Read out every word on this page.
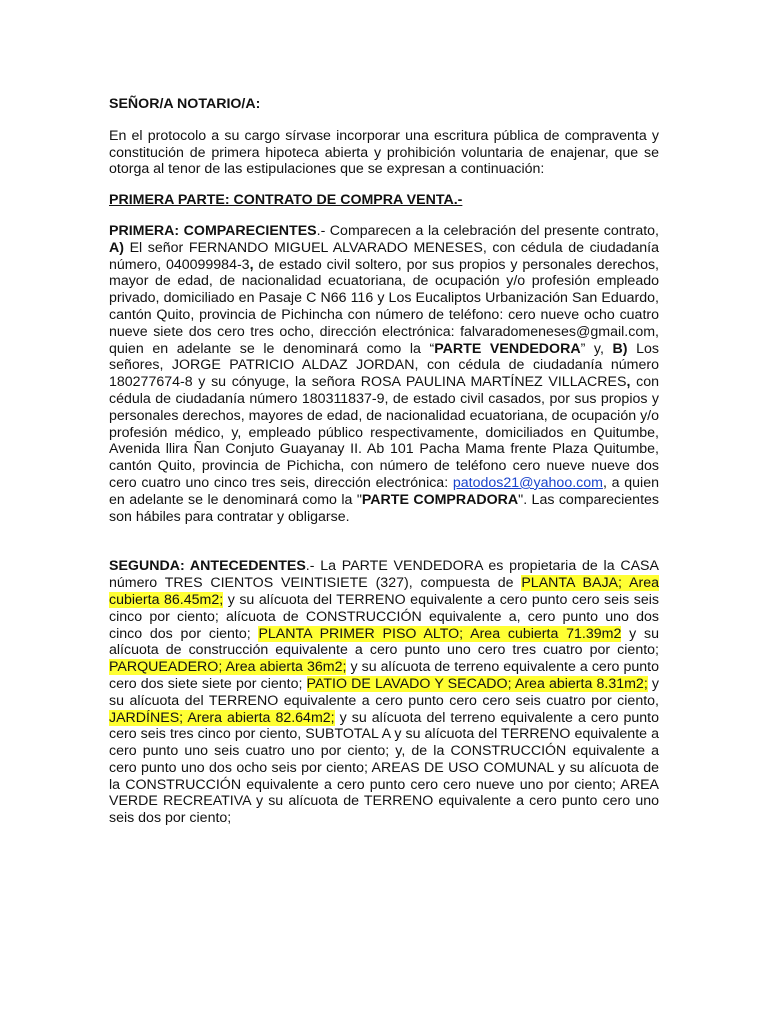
SEÑOR/A NOTARIO/A:

En el protocolo a su cargo sírvase incorporar una escritura pública de compraventa y constitución de primera hipoteca abierta y prohibición voluntaria de enajenar, que se otorga al tenor de las estipulaciones que se expresan a continuación:

PRIMERA PARTE: CONTRATO DE COMPRA VENTA.-

PRIMERA: COMPARECIENTES.- Comparecen a la celebración del presente contrato, A) El señor FERNANDO MIGUEL ALVARADO MENESES, con cédula de ciudadanía número, 040099984-3, de estado civil soltero, por sus propios y personales derechos, mayor de edad, de nacionalidad ecuatoriana, de ocupación y/o profesión empleado privado, domiciliado en Pasaje C N66 116 y Los Eucaliptos Urbanización San Eduardo, cantón Quito, provincia de Pichincha con número de teléfono: cero nueve ocho cuatro nueve siete dos cero tres ocho, dirección electrónica: falvaradomeneses@gmail.com, quien en adelante se le denominará como la “PARTE VENDEDORA” y, B) Los señores, JORGE PATRICIO ALDAZ JORDAN, con cédula de ciudadanía número 180277674-8 y su cónyuge, la señora ROSA PAULINA MARTÍNEZ VILLACRES, con cédula de ciudadanía número 180311837-9, de estado civil casados, por sus propios y personales derechos, mayores de edad, de nacionalidad ecuatoriana, de ocupación y/o profesión médico, y, empleado público respectivamente, domiciliados en Quitumbe, Avenida llira Ñan Conjuto Guayanay II. Ab 101 Pacha Mama frente Plaza Quitumbe, cantón Quito, provincia de Pichicha, con número de teléfono cero nueve nueve dos cero cuatro uno cinco tres seis, dirección electrónica: patodos21@yahoo.com, a quien en adelante se le denominará como la "PARTE COMPRADORA". Las comparecientes son hábiles para contratar y obligarse.

SEGUNDA: ANTECEDENTES.- La PARTE VENDEDORA es propietaria de la CASA número TRES CIENTOS VEINTISIETE (327), compuesta de PLANTA BAJA; Area cubierta 86.45m2; y su alícuota del TERRENO equivalente a cero punto cero seis seis cinco por ciento; alícuota de CONSTRUCCIÓN equivalente a, cero punto uno dos cinco dos por ciento; PLANTA PRIMER PISO ALTO; Area cubierta 71.39m2 y su alícuota de construcción equivalente a cero punto uno cero tres cuatro por ciento; PARQUEADERO; Area abierta 36m2; y su alícuota de terreno equivalente a cero punto cero dos siete siete por ciento; PATIO DE LAVADO Y SECADO; Area abierta 8.31m2; y su alícuota del TERRENO equivalente a cero punto cero cero seis cuatro por ciento, JARDÍNES; Arera abierta 82.64m2; y su alícuota del terreno equivalente a cero punto cero seis tres cinco por ciento, SUBTOTAL A y su alícuota del TERRENO equivalente a cero punto uno seis cuatro uno por ciento; y, de la CONSTRUCCIÓN equivalente a cero punto uno dos ocho seis por ciento; AREAS DE USO COMUNAL y su alícuota de la CONSTRUCCIÓN equivalente a cero punto cero cero nueve uno por ciento; AREA VERDE RECREATIVA y su alícuota de TERRENO equivalente a cero punto cero uno seis dos por ciento;
